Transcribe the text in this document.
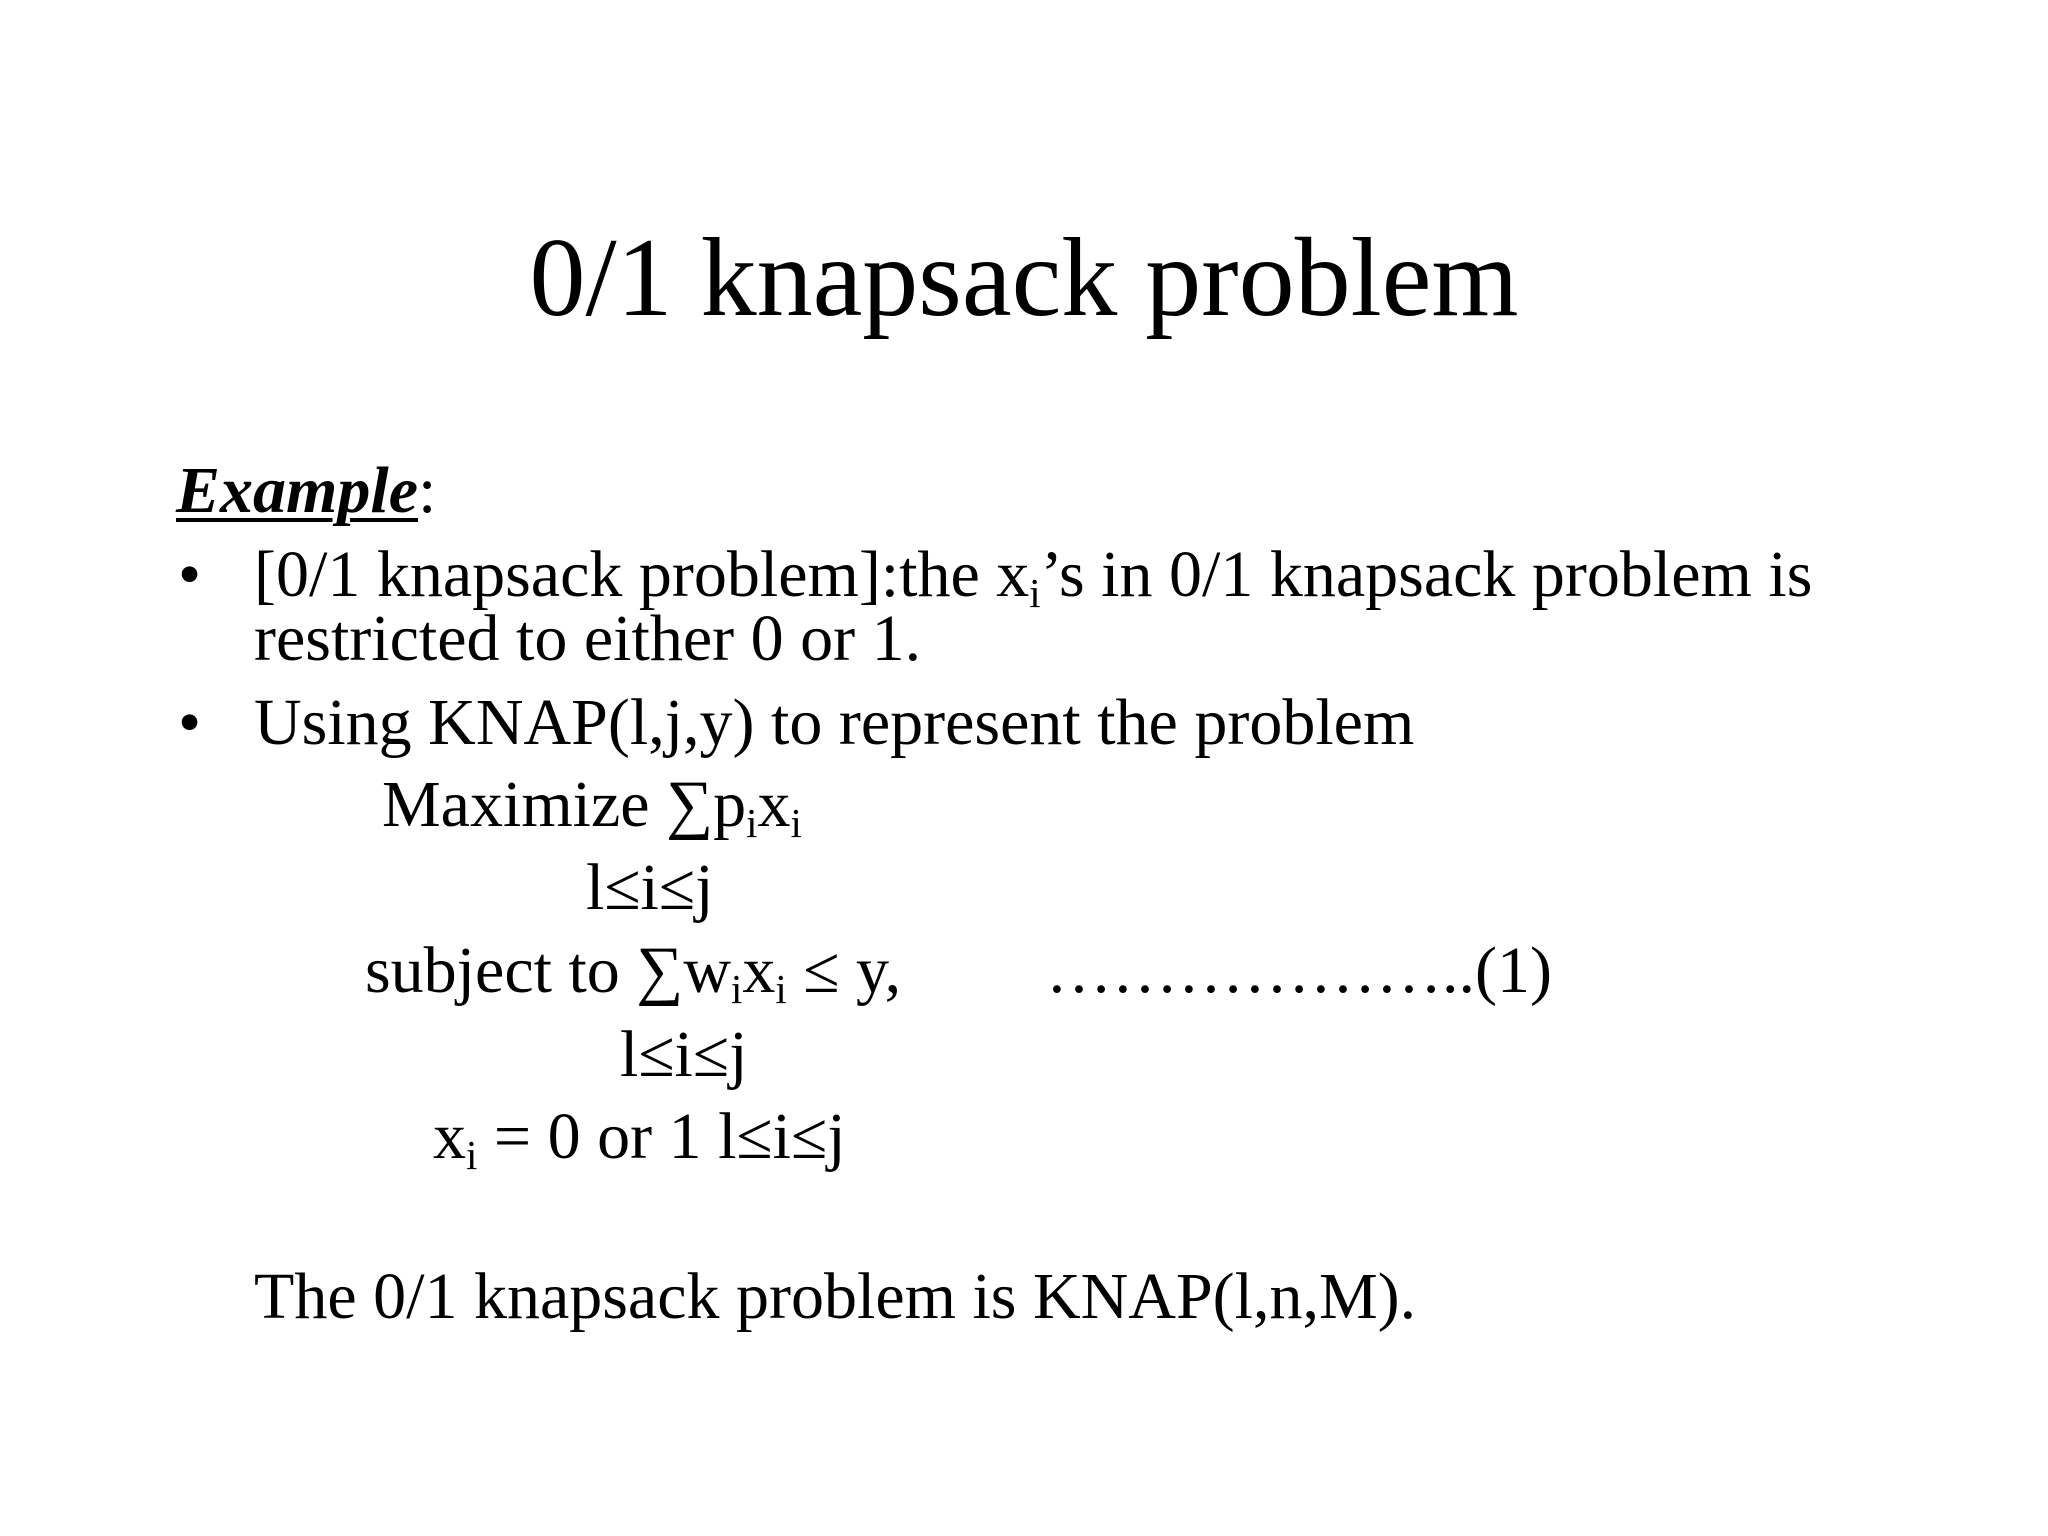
0/1 knapsack problem
Example:
• [0/1 knapsack problem]:the $x_i’s$ in 0/1 knapsack problem is
restricted to either 0 or 1.
• Using KNAP(l,j,y) to represent the problem
Maximize $\sum p_ix_i$
l≤i≤j
subject to $\sum w_ix_i \le y$, ………………..(1)
l≤i≤j
$x_i = 0$ or 1 l≤i≤j
The 0/1 knapsack problem is KNAP(l,n,M).
